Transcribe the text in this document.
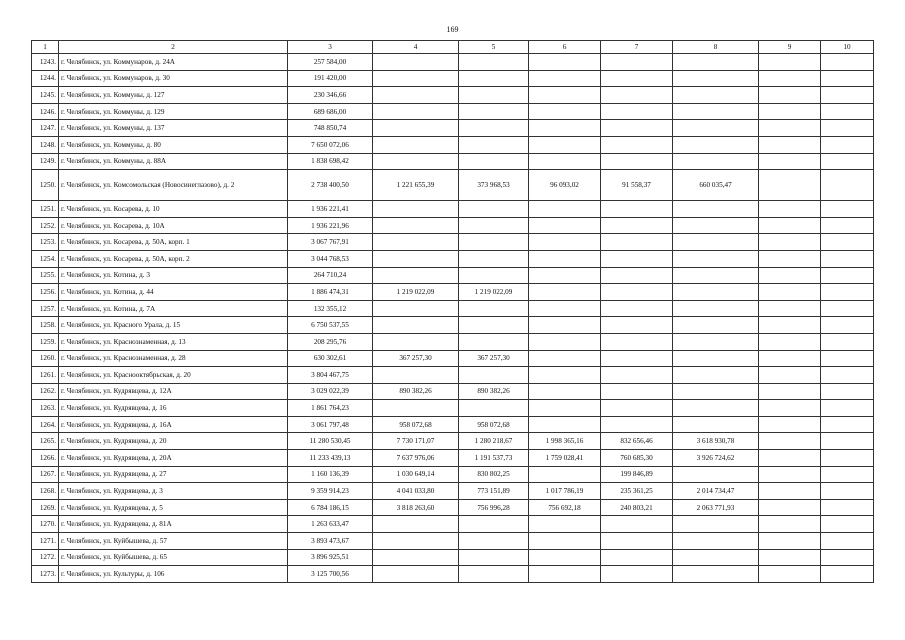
169
1	2	3	4	5	6	7	8	9	10
1243.	г. Челябинск, ул. Коммунаров, д. 24А	257 584,00							
1244.	г. Челябинск, ул. Коммунаров, д. 30	191 420,00							
1245.	г. Челябинск, ул. Коммуны, д. 127	230 346,66							
1246.	г. Челябинск, ул. Коммуны, д. 129	689 686,00							
1247.	г. Челябинск, ул. Коммуны, д. 137	748 850,74							
1248.	г. Челябинск, ул. Коммуны, д. 80	7 650 072,06							
1249.	г. Челябинск, ул. Коммуны, д. 88А	1 838 698,42							
1250.	г. Челябинск, ул. Комсомольская (Новосинеглазово), д. 2	2 738 400,50	1 221 655,39	373 968,53	96 093,02	91 558,37	660 035,47		
1251.	г. Челябинск, ул. Косарева, д. 10	1 936 221,41							
1252.	г. Челябинск, ул. Косарева, д. 10А	1 936 221,96							
1253.	г. Челябинск, ул. Косарева, д. 50А, корп. 1	3 067 767,91							
1254.	г. Челябинск, ул. Косарева, д. 50А, корп. 2	3 044 768,53							
1255.	г. Челябинск, ул. Котина, д. 3	264 710,24							
1256.	г. Челябинск, ул. Котина, д. 44	1 886 474,31	1 219 022,09	1 219 022,09					
1257.	г. Челябинск, ул. Котина, д. 7А	132 355,12							
1258.	г. Челябинск, ул. Красного Урала, д. 15	6 750 537,55							
1259.	г. Челябинск, ул. Краснознаменная, д. 13	208 295,76							
1260.	г. Челябинск, ул. Краснознаменная, д. 28	630 302,61	367 257,30	367 257,30					
1261.	г. Челябинск, ул. Краснооктябрьская, д. 20	3 804 467,75							
1262.	г. Челябинск, ул. Кудрявцева, д. 12А	3 029 022,39	890 382,26	890 382,26					
1263.	г. Челябинск, ул. Кудрявцева, д. 16	1 861 764,23							
1264.	г. Челябинск, ул. Кудрявцева, д. 16А	3 061 797,48	958 072,68	958 072,68					
1265.	г. Челябинск, ул. Кудрявцева, д. 20	11 280 530,45	7 730 171,07	1 280 218,67	1 998 365,16	832 656,46	3 618 930,78		
1266.	г. Челябинск, ул. Кудрявцева, д. 20А	11 233 439,13	7 637 976,06	1 191 537,73	1 759 028,41	760 685,30	3 926 724,62		
1267.	г. Челябинск, ул. Кудрявцева, д. 27	1 160 136,39	1 030 649,14	830 802,25		199 846,89			
1268.	г. Челябинск, ул. Кудрявцева, д. 3	9 359 914,23	4 041 033,80	773 151,89	1 017 786,19	235 361,25	2 014 734,47		
1269.	г. Челябинск, ул. Кудрявцева, д. 5	6 784 186,15	3 818 263,60	756 996,28	756 692,18	240 803,21	2 063 771,93		
1270.	г. Челябинск, ул. Кудрявцева, д. 81А	1 263 633,47							
1271.	г. Челябинск, ул. Куйбышева, д. 57	3 893 473,67							
1272.	г. Челябинск, ул. Куйбышева, д. 65	3 896 925,51							
1273.	г. Челябинск, ул. Культуры, д. 106	3 125 700,56							
